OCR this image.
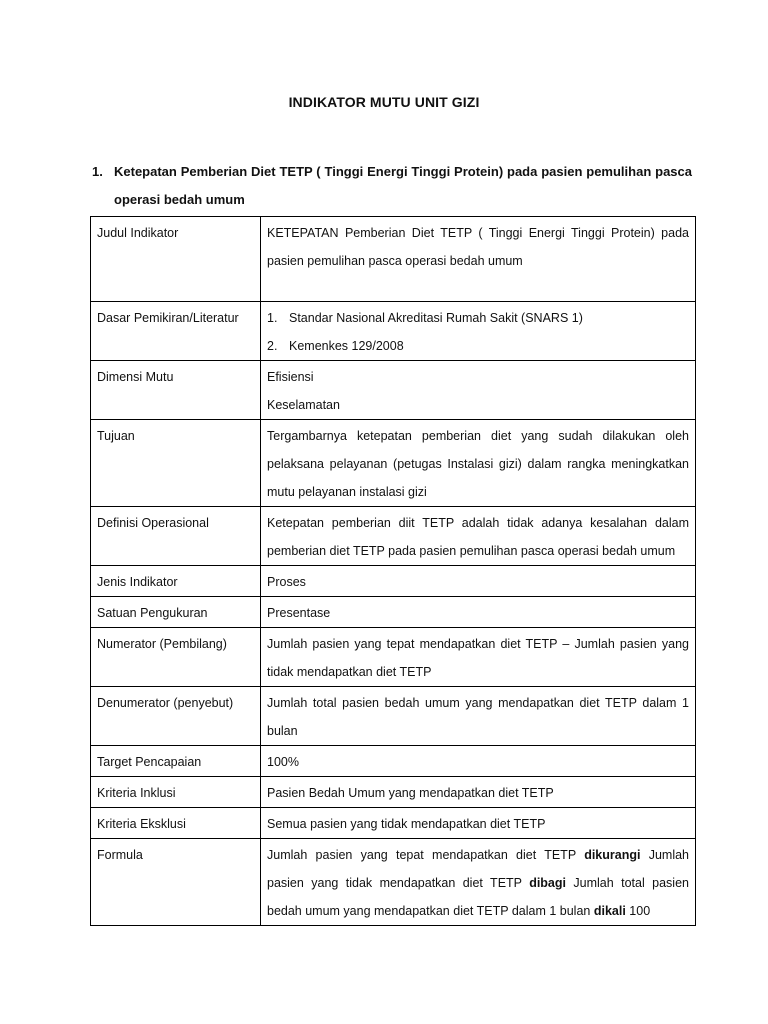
INDIKATOR MUTU UNIT GIZI
1. Ketepatan Pemberian Diet TETP ( Tinggi Energi Tinggi Protein) pada pasien pemulihan pasca operasi bedah umum
Judul Indikator	KETEPATAN Pemberian Diet TETP ( Tinggi Energi Tinggi Protein) pada pasien pemulihan pasca operasi bedah umum
Dasar Pemikiran/Literatur	1. Standar Nasional Akreditasi Rumah Sakit (SNARS 1)
2. Kemenkes 129/2008

Dimensi Mutu	Efisiensi
Keselamatan

Tujuan	Tergambarnya ketepatan pemberian diet yang sudah dilakukan oleh pelaksana pelayanan (petugas Instalasi gizi) dalam rangka meningkatkan mutu pelayanan instalasi gizi
Definisi Operasional	Ketepatan pemberian diit TETP adalah tidak adanya kesalahan dalam pemberian diet TETP pada pasien pemulihan pasca operasi bedah umum
Jenis Indikator	Proses
Satuan Pengukuran	Presentase
Numerator (Pembilang)	Jumlah pasien yang tepat mendapatkan diet TETP – Jumlah pasien yang tidak mendapatkan diet TETP
Denumerator (penyebut)	Jumlah total pasien bedah umum yang mendapatkan diet TETP dalam 1 bulan
Target Pencapaian	100%
Kriteria Inklusi	Pasien Bedah Umum yang mendapatkan diet TETP
Kriteria Eksklusi	Semua pasien yang tidak mendapatkan diet TETP
Formula	Jumlah pasien yang tepat mendapatkan diet TETP dikurangi Jumlah pasien yang tidak mendapatkan diet TETP dibagi Jumlah total pasien bedah umum yang mendapatkan diet TETP dalam 1 bulan dikali 100
